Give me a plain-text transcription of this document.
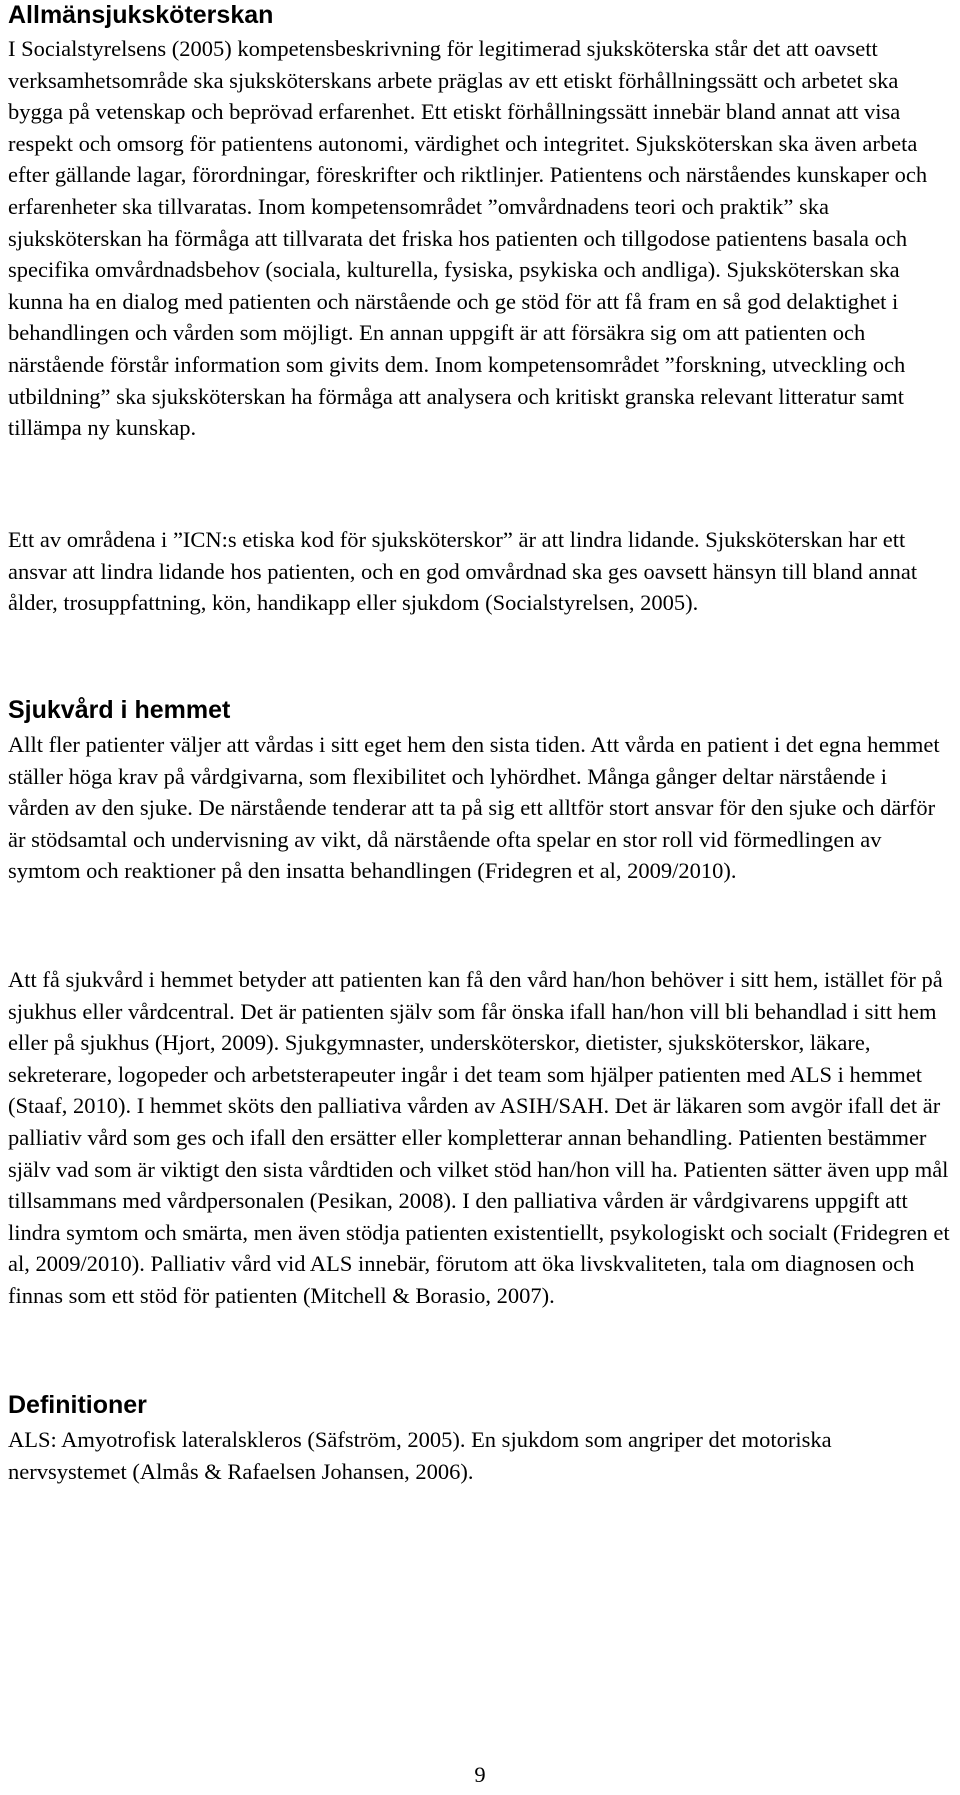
Allmänsjuksköterskan

I Socialstyrelsens (2005) kompetensbeskrivning för legitimerad sjuksköterska står det att oavsett verksamhetsområde ska sjuksköterskans arbete präglas av ett etiskt förhållningssätt och arbetet ska bygga på vetenskap och beprövad erfarenhet. Ett etiskt förhållningssätt innebär bland annat att visa respekt och omsorg för patientens autonomi, värdighet och integritet. Sjuksköterskan ska även arbeta efter gällande lagar, förordningar, föreskrifter och riktlinjer. Patientens och närståendes kunskaper och erfarenheter ska tillvaratas. Inom kompetensområdet ”omvårdnadens teori och praktik” ska sjuksköterskan ha förmåga att tillvarata det friska hos patienten och tillgodose patientens basala och specifika omvårdnadsbehov (sociala, kulturella, fysiska, psykiska och andliga). Sjuksköterskan ska kunna ha en dialog med patienten och närstående och ge stöd för att få fram en så god delaktighet i behandlingen och vården som möjligt. En annan uppgift är att försäkra sig om att patienten och närstående förstår information som givits dem. Inom kompetensområdet ”forskning, utveckling och utbildning” ska sjuksköterskan ha förmåga att analysera och kritiskt granska relevant litteratur samt tillämpa ny kunskap.

Ett av områdena i ”ICN:s etiska kod för sjuksköterskor” är att lindra lidande. Sjuksköterskan har ett ansvar att lindra lidande hos patienten, och en god omvårdnad ska ges oavsett hänsyn till bland annat ålder, trosuppfattning, kön, handikapp eller sjukdom (Socialstyrelsen, 2005).

Sjukvård i hemmet

Allt fler patienter väljer att vårdas i sitt eget hem den sista tiden. Att vårda en patient i det egna hemmet ställer höga krav på vårdgivarna, som flexibilitet och lyhördhet. Många gånger deltar närstående i vården av den sjuke. De närstående tenderar att ta på sig ett alltför stort ansvar för den sjuke och därför är stödsamtal och undervisning av vikt, då närstående ofta spelar en stor roll vid förmedlingen av symtom och reaktioner på den insatta behandlingen (Fridegren et al, 2009/2010).

Att få sjukvård i hemmet betyder att patienten kan få den vård han/hon behöver i sitt hem, istället för på sjukhus eller vårdcentral. Det är patienten själv som får önska ifall han/hon vill bli behandlad i sitt hem eller på sjukhus (Hjort, 2009). Sjukgymnaster, undersköterskor, dietister, sjuksköterskor, läkare, sekreterare, logopeder och arbetsterapeuter ingår i det team som hjälper patienten med ALS i hemmet (Staaf, 2010). I hemmet sköts den palliativa vården av ASIH/SAH. Det är läkaren som avgör ifall det är palliativ vård som ges och ifall den ersätter eller kompletterar annan behandling. Patienten bestämmer själv vad som är viktigt den sista vårdtiden och vilket stöd han/hon vill ha. Patienten sätter även upp mål tillsammans med vårdpersonalen (Pesikan, 2008). I den palliativa vården är vårdgivarens uppgift att lindra symtom och smärta, men även stödja patienten existentiellt, psykologiskt och socialt (Fridegren et al, 2009/2010). Palliativ vård vid ALS innebär, förutom att öka livskvaliteten, tala om diagnosen och finnas som ett stöd för patienten (Mitchell & Borasio, 2007).

Definitioner

ALS: Amyotrofisk lateralskleros (Säfström, 2005). En sjukdom som angriper det motoriska nervsystemet (Almås & Rafaelsen Johansen, 2006).

9
